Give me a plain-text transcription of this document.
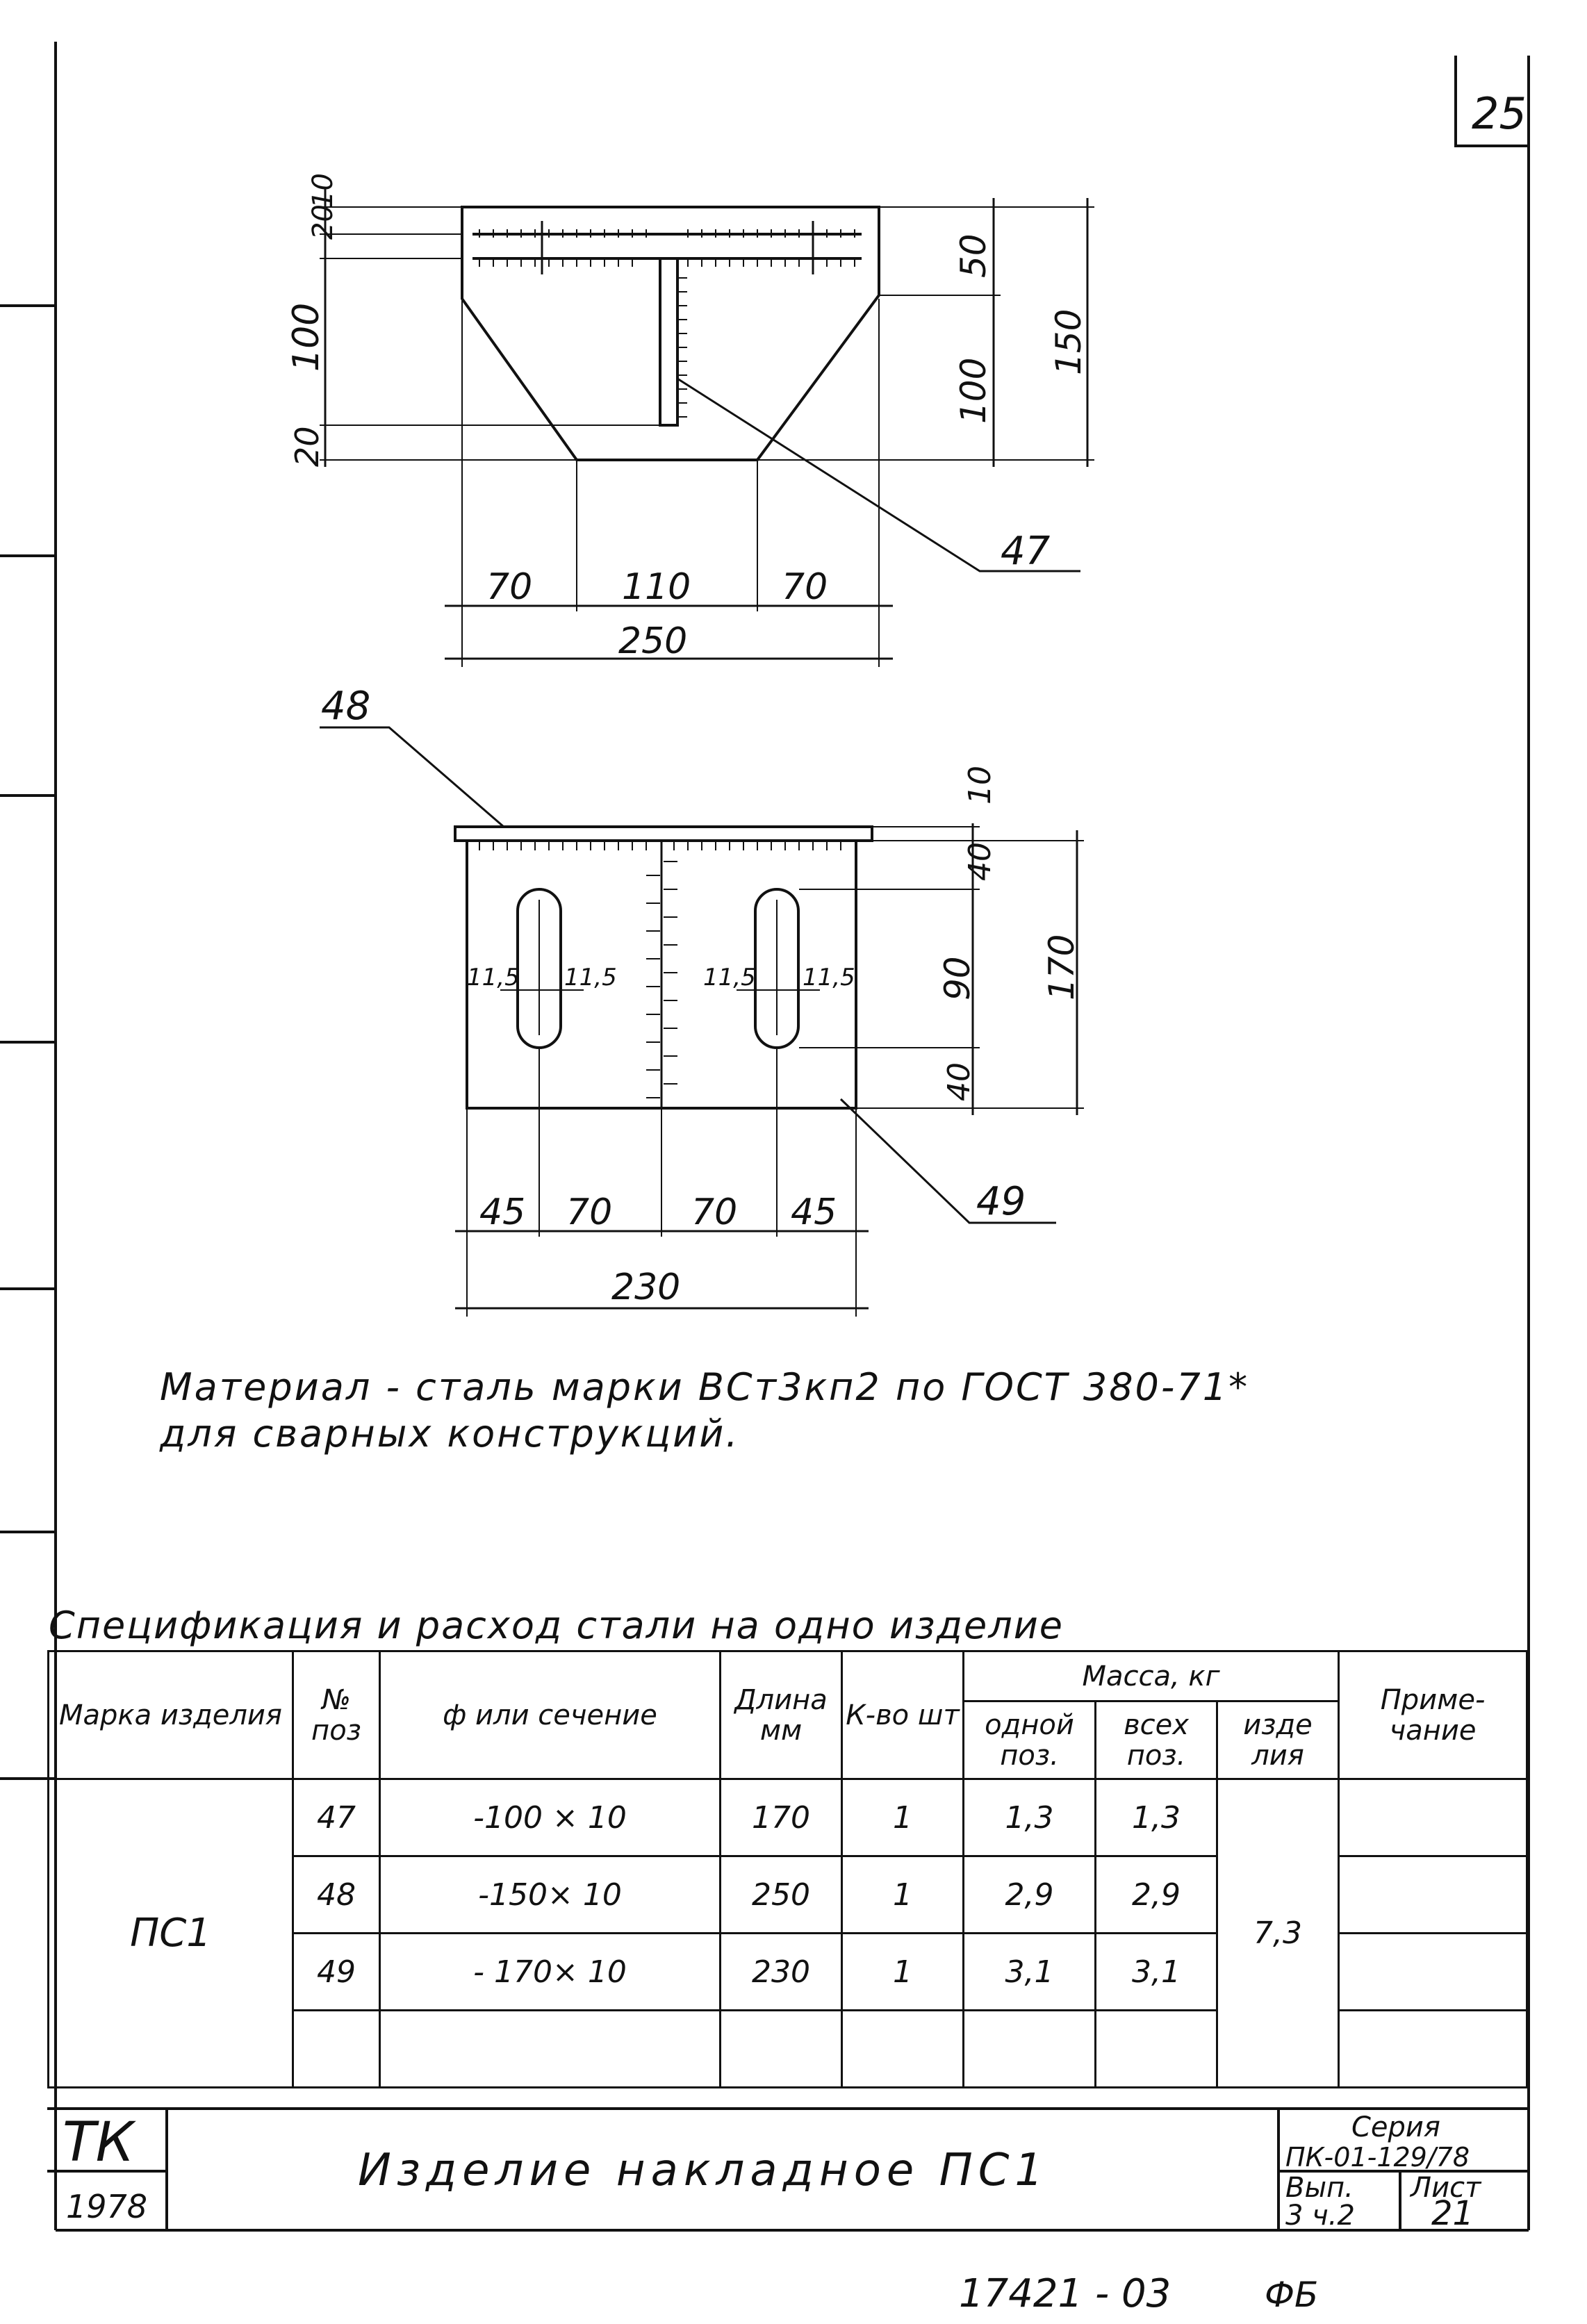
25
10
20
100
20
50
100
150
70 110	70
250
47
48
49
10
40
90
40
170
11,5 11,5	11,5 11,5
45 70 70 45
230
ТК
1978
Изделие накладное ПС1
Серия
ПК-01-129/78
Вып.
3 ч.2
Лист
21
17421 - 03	ФБ
Материал - сталь марки ВСт3кп2 по ГОСТ 380-71*
для сварных конструкций.
Спецификация и расход стали на одно изделие
Марка изделия	№ поз	ф или сечение	Длина мм	К-во шт	Масса, кг			Приме- чание
					одной поз.	всех поз.	изде лия	
ПС1	47	-100 × 10	170	1	1,3	1,3	7,3	
	48	-150× 10	250	1	2,9	2,9		
	49	- 170× 10	230	1	3,1	3,1		
